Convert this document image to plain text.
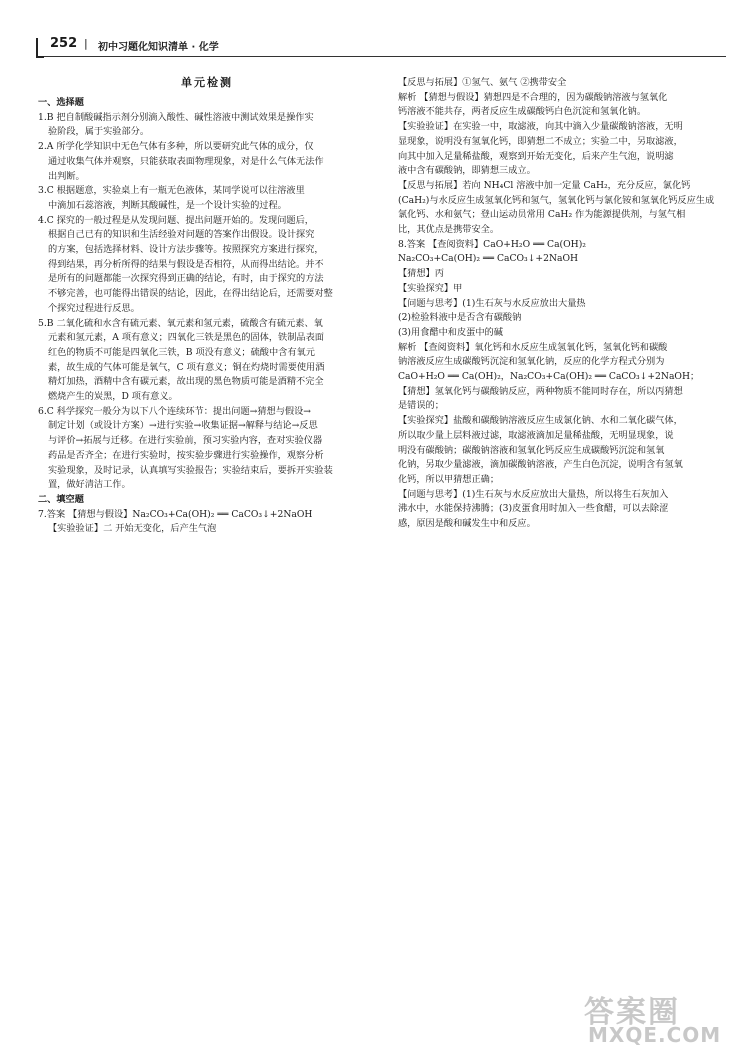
252 | 初中习题化知识清单 · 化学

单元检测

一、选择题

1.B 把自制酸碱指示剂分别滴入酸性、碱性溶液中测试效果是操作实

验阶段，属于实验部分。

2.A 所学化学知识中无色气体有多种，所以要研究此气体的成分，仅

通过收集气体并观察，只能获取表面物理现象，对是什么气体无法作

出判断。

3.C 根据题意，实验桌上有一瓶无色液体，某同学说可以往溶液里

中滴加石蕊溶液，判断其酸碱性，是一个设计实验的过程。

4.C 探究的一般过程是从发现问题、提出问题开始的。发现问题后，

根据自己已有的知识和生活经验对问题的答案作出假设。设计探究

的方案，包括选择材料、设计方法步骤等。按照探究方案进行探究，

得到结果，再分析所得的结果与假设是否相符，从而得出结论。并不

是所有的问题都能一次探究得到正确的结论，有时，由于探究的方法

不够完善，也可能得出错误的结论，因此，在得出结论后，还需要对整

个探究过程进行反思。

5.B 二氧化硫和水含有硫元素、氧元素和氢元素，硫酸含有硫元素、氧

元素和氢元素，A 项有意义；四氧化三铁是黑色的固体，铁制品表面

红色的物质不可能是四氧化三铁，B 项没有意义；硫酸中含有氧元

素，故生成的气体可能是氧气，C 项有意义；铜在灼烧时需要使用酒

精灯加热，酒精中含有碳元素，故出现的黑色物质可能是酒精不完全

燃烧产生的炭黑，D 项有意义。

6.C 科学探究一般分为以下八个连续环节：提出问题→猜想与假设→

制定计划（或设计方案）→进行实验→收集证据→解释与结论→反思

与评价→拓展与迁移。在进行实验前，预习实验内容，查对实验仪器

药品是否齐全；在进行实验时，按实验步骤进行实验操作，观察分析

实验现象，及时记录，认真填写实验报告；实验结束后，要拆开实验装

置，做好清洁工作。

二、填空题

7.答案 【猜想与假设】Na₂CO₃+Ca(OH)₂ ══ CaCO₃↓+2NaOH

【实验验证】二 开始无变化，后产生气泡

【反思与拓展】①氢气、氨气 ②携带安全

解析 【猜想与假设】猜想四是不合理的，因为碳酸钠溶液与氢氧化

钙溶液不能共存，两者反应生成碳酸钙白色沉淀和氢氧化钠。

【实验验证】在实验一中，取滤液，向其中滴入少量碳酸钠溶液，无明

显现象，说明没有氢氧化钙，即猜想二不成立；实验二中，另取滤液，

向其中加入足量稀盐酸，观察到开始无变化，后来产生气泡，说明滤

液中含有碳酸钠，即猜想三成立。

【反思与拓展】若向 NH₄Cl 溶液中加一定量 CaH₂，充分反应，氯化钙

(CaH₂)与水反应生成氢氧化钙和氢气，氢氧化钙与氯化铵和氢氧化钙反应生成

氯化钙、水和氨气；登山运动员常用 CaH₂ 作为能源提供剂，与氢气相

比，其优点是携带安全。

8.答案 【查阅资料】CaO+H₂O ══ Ca(OH)₂

Na₂CO₃+Ca(OH)₂ ══ CaCO₃↓+2NaOH

【猜想】丙

【实验探究】甲

【问题与思考】(1)生石灰与水反应放出大量热

(2)检验料液中是否含有碳酸钠

(3)用食醋中和皮蛋中的碱

解析 【查阅资料】氧化钙和水反应生成氢氧化钙，氢氧化钙和碳酸

钠溶液反应生成碳酸钙沉淀和氢氧化钠，反应的化学方程式分别为

CaO+H₂O ══ Ca(OH)₂，Na₂CO₃+Ca(OH)₂ ══ CaCO₃↓+2NaOH；

【猜想】氢氧化钙与碳酸钠反应，两种物质不能同时存在，所以丙猜想

是错误的；

【实验探究】盐酸和碳酸钠溶液反应生成氯化钠、水和二氧化碳气体，

所以取少量上层料液过滤，取滤液滴加足量稀盐酸，无明显现象，说

明没有碳酸钠；碳酸钠溶液和氢氧化钙反应生成碳酸钙沉淀和氢氧

化钠，另取少量滤液，滴加碳酸钠溶液，产生白色沉淀，说明含有氢氧

化钙，所以甲猜想正确；

【问题与思考】(1)生石灰与水反应放出大量热，所以将生石灰加入

沸水中，水能保持沸腾；(3)皮蛋食用时加入一些食醋，可以去除涩

感，原因是酸和碱发生中和反应。

答案圈
MXQE.COM
